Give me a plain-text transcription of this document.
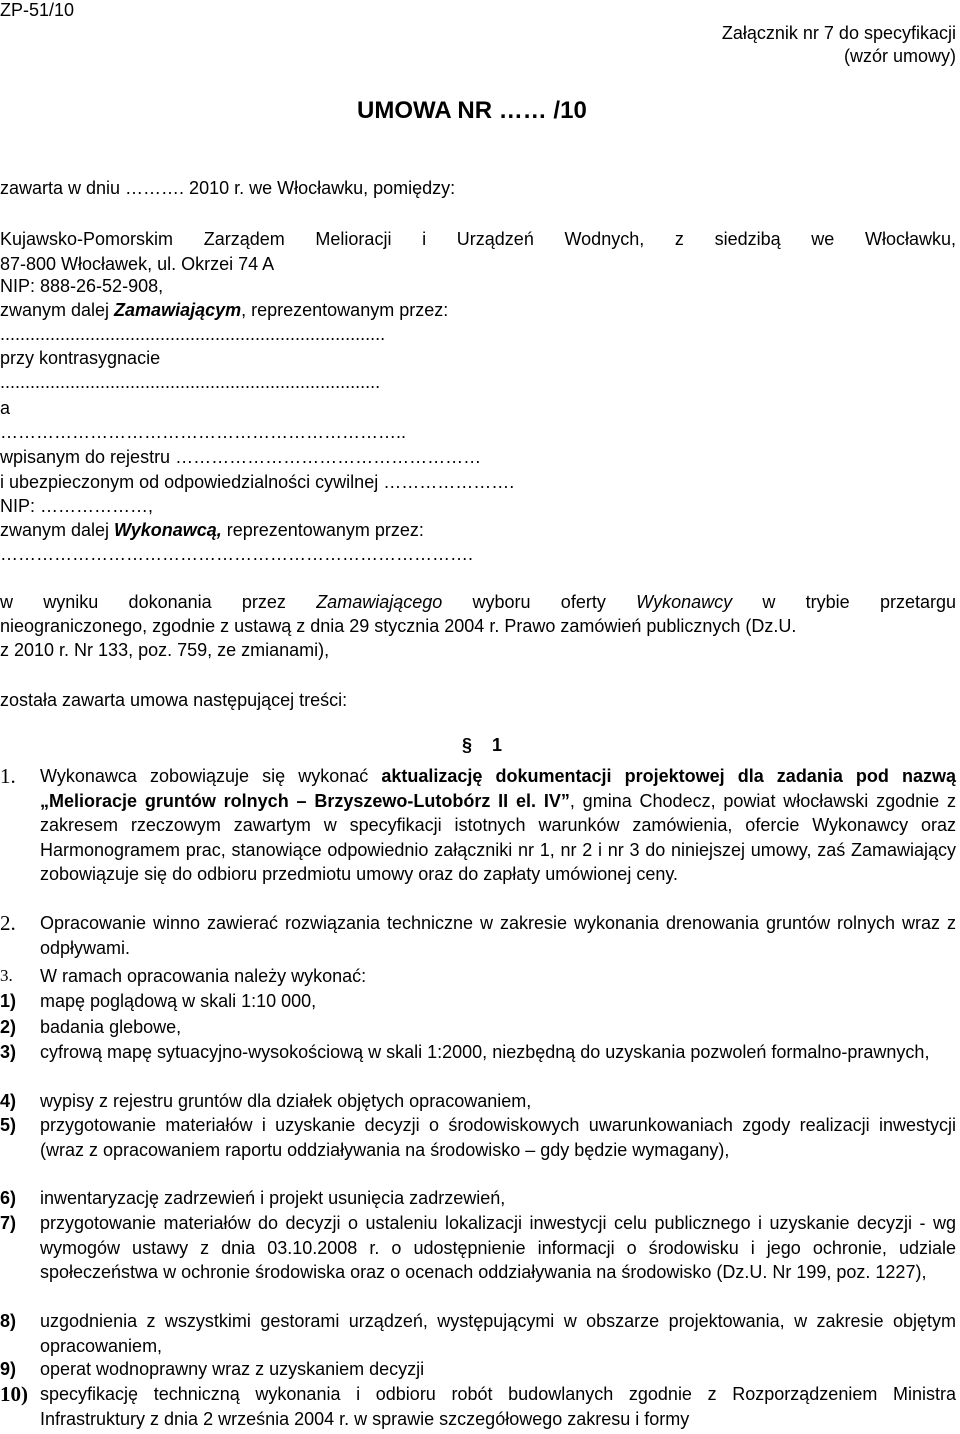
ZP-51/10
Załącznik nr 7 do specyfikacji
(wzór umowy)
UMOWA NR …… /10
zawarta w dniu ………. 2010 r. we Włocławku, pomiędzy:
Kujawsko-Pomorskim Zarządem Melioracji i Urządzeń Wodnych, z siedzibą we Włocławku,
87-800 Włocławek, ul. Okrzei 74 A
NIP: 888-26-52-908,
zwanym dalej Zamawiającym, reprezentowanym przez:
.............................................................................
przy kontrasygnacie
............................................................................
a
…………………………………………………………..
wpisanym do rejestru ……………………………………………
i ubezpieczonym od odpowiedzialności cywilnej ………………….
NIP: ………………,
zwanym dalej Wykonawcą, reprezentowanym przez:
…………………………………………………………………….
w wyniku dokonania przez Zamawiającego wyboru oferty Wykonawcy w trybie przetargu
nieograniczonego, zgodnie z ustawą z dnia 29 stycznia 2004 r. Prawo zamówień publicznych (Dz.U.
z 2010 r. Nr 133, poz. 759, ze zmianami),
została zawarta umowa następującej treści:
§ 1
1. Wykonawca zobowiązuje się wykonać aktualizację dokumentacji projektowej dla zadania pod nazwą „Melioracje gruntów rolnych – Brzyszewo-Lutobórz II el. IV”, gmina Chodecz, powiat włocławski zgodnie z zakresem rzeczowym zawartym w specyfikacji istotnych warunków zamówienia, ofercie Wykonawcy oraz Harmonogramem prac, stanowiące odpowiednio załączniki nr 1, nr 2 i nr 3 do niniejszej umowy, zaś Zamawiający zobowiązuje się do odbioru przedmiotu umowy oraz do zapłaty umówionej ceny.
2. Opracowanie winno zawierać rozwiązania techniczne w zakresie wykonania drenowania gruntów rolnych wraz z odpływami.
3. W ramach opracowania należy wykonać:
1) mapę poglądową w skali 1:10 000,
2) badania glebowe,
3) cyfrową mapę sytuacyjno-wysokościową w skali 1:2000, niezbędną do uzyskania pozwoleń formalno-prawnych,
4) wypisy z rejestru gruntów dla działek objętych opracowaniem,
5) przygotowanie materiałów i uzyskanie decyzji o środowiskowych uwarunkowaniach zgody realizacji inwestycji (wraz z opracowaniem raportu oddziaływania na środowisko – gdy będzie wymagany),
6) inwentaryzację zadrzewień i projekt usunięcia zadrzewień,
7) przygotowanie materiałów do decyzji o ustaleniu lokalizacji inwestycji celu publicznego i uzyskanie decyzji - wg wymogów ustawy z dnia 03.10.2008 r. o udostępnienie informacji o środowisku i jego ochronie, udziale społeczeństwa w ochronie środowiska oraz o ocenach oddziaływania na środowisko (Dz.U. Nr 199, poz. 1227),
8) uzgodnienia z wszystkimi gestorami urządzeń, występującymi w obszarze projektowania, w zakresie objętym opracowaniem,
9) operat wodnoprawny wraz z uzyskaniem decyzji
10) specyfikację techniczną wykonania i odbioru robót budowlanych zgodnie z Rozporządzeniem Ministra Infrastruktury z dnia 2 września 2004 r. w sprawie szczegółowego zakresu i formy
